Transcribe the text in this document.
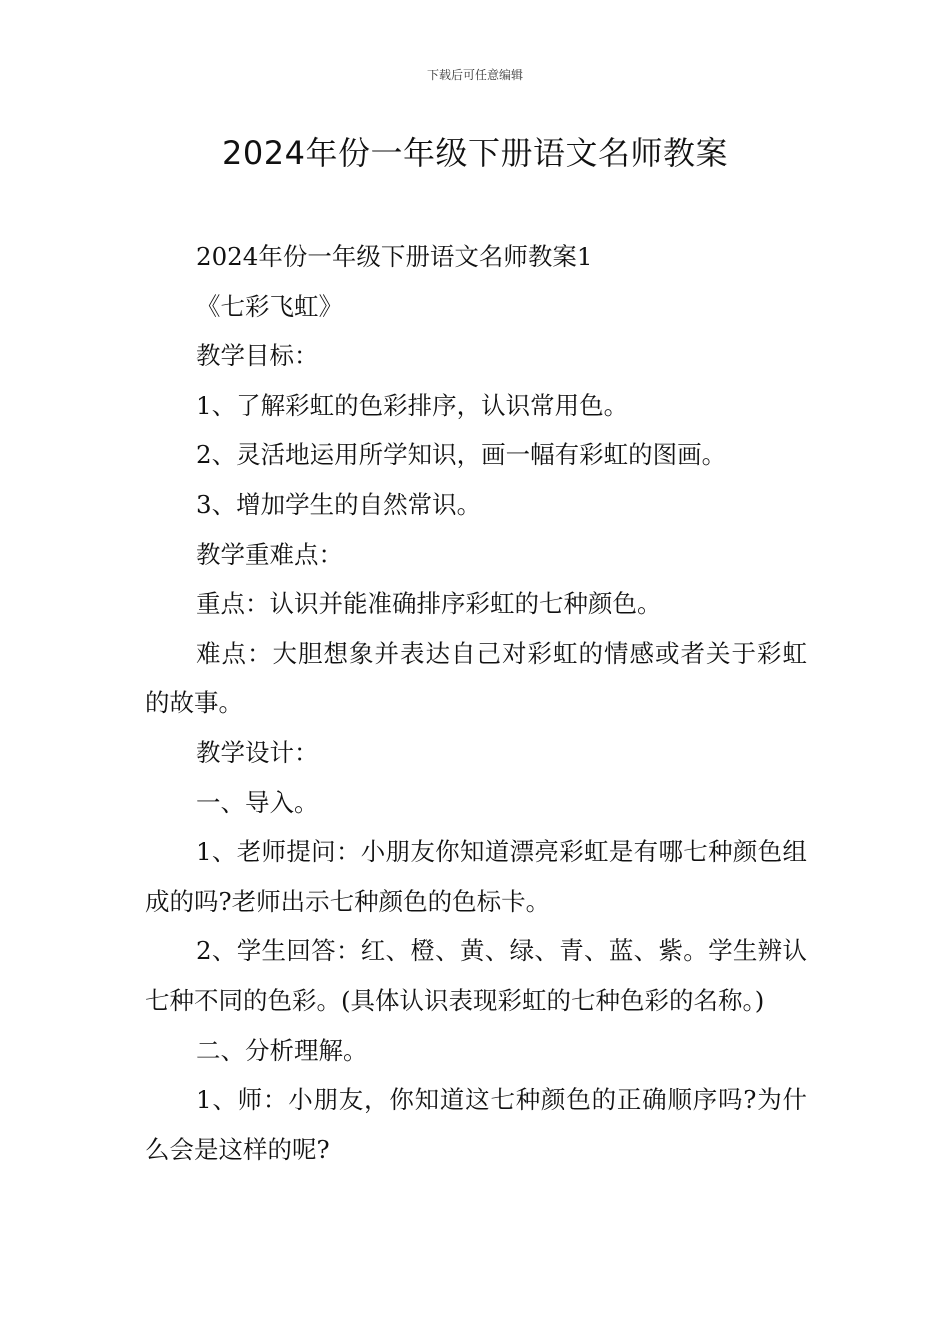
下载后可任意编辑
2024年份一年级下册语文名师教案

2024年份一年级下册语文名师教案1

《七彩飞虹》

教学目标：

1、了解彩虹的色彩排序，认识常用色。

2、灵活地运用所学知识，画一幅有彩虹的图画。

3、增加学生的自然常识。

教学重难点：

重点：认识并能准确排序彩虹的七种颜色。

难点：大胆想象并表达自己对彩虹的情感或者关于彩虹的故事。

教学设计：

一、导入。

1、老师提问：小朋友你知道漂亮彩虹是有哪七种颜色组成的吗?老师出示七种颜色的色标卡。

2、学生回答：红、橙、黄、绿、青、蓝、紫。学生辨认七种不同的色彩。(具体认识表现彩虹的七种色彩的名称。)

二、分析理解。

1、师：小朋友，你知道这七种颜色的正确顺序吗?为什么会是这样的呢?
